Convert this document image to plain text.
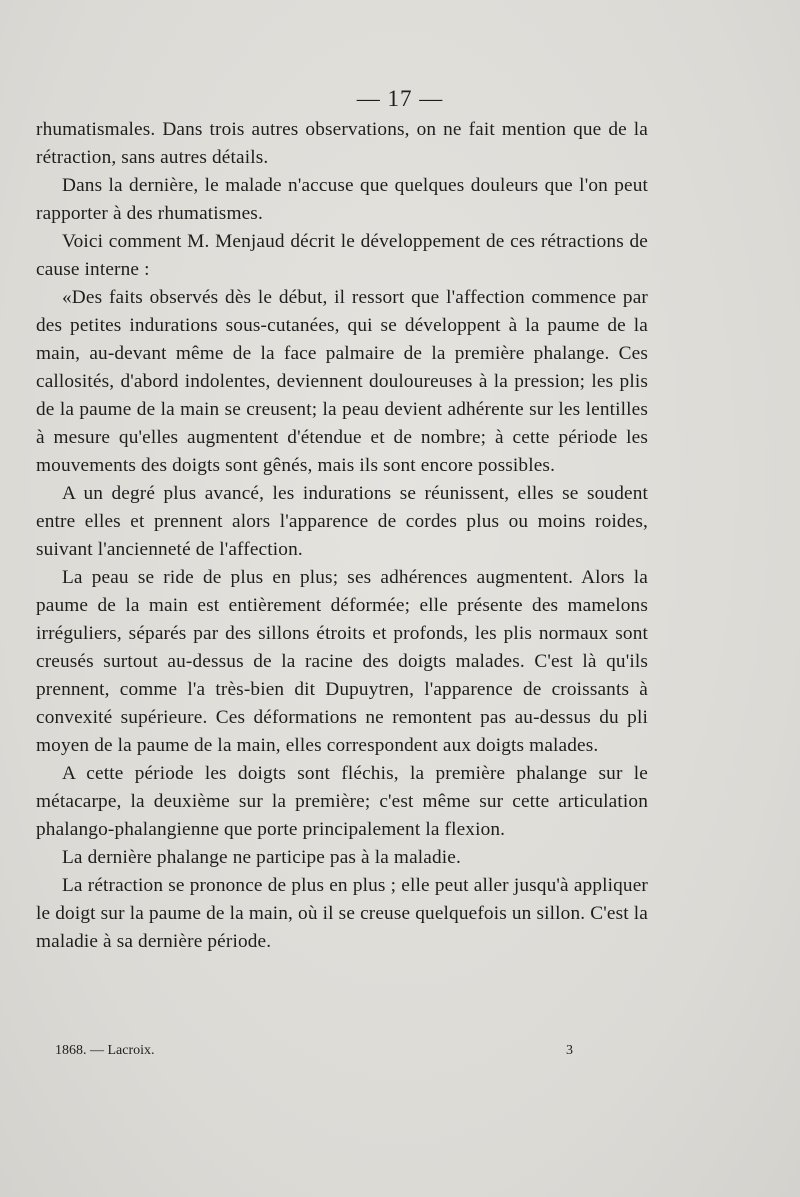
— 17 —

rhumatismales. Dans trois autres observations, on ne fait mention que de la rétraction, sans autres détails.

Dans la dernière, le malade n'accuse que quelques douleurs que l'on peut rapporter à des rhumatismes.

Voici comment M. Menjaud décrit le développement de ces rétractions de cause interne :

«Des faits observés dès le début, il ressort que l'affection commence par des petites indurations sous-cutanées, qui se développent à la paume de la main, au-devant même de la face palmaire de la première phalange. Ces callosités, d'abord indolentes, deviennent douloureuses à la pression; les plis de la paume de la main se creusent; la peau devient adhérente sur les lentilles à mesure qu'elles augmentent d'étendue et de nombre; à cette période les mouvements des doigts sont gênés, mais ils sont encore possibles.

A un degré plus avancé, les indurations se réunissent, elles se soudent entre elles et prennent alors l'apparence de cordes plus ou moins roides, suivant l'ancienneté de l'affection.

La peau se ride de plus en plus; ses adhérences augmentent. Alors la paume de la main est entièrement déformée; elle présente des mamelons irréguliers, séparés par des sillons étroits et profonds, les plis normaux sont creusés surtout au-dessus de la racine des doigts malades. C'est là qu'ils prennent, comme l'a très-bien dit Dupuytren, l'apparence de croissants à convexité supérieure. Ces déformations ne remontent pas au-dessus du pli moyen de la paume de la main, elles correspondent aux doigts malades.

A cette période les doigts sont fléchis, la première phalange sur le métacarpe, la deuxième sur la première; c'est même sur cette articulation phalango-phalangienne que porte principalement la flexion.

La dernière phalange ne participe pas à la maladie.

La rétraction se prononce de plus en plus ; elle peut aller jusqu'à appliquer le doigt sur la paume de la main, où il se creuse quelquefois un sillon. C'est la maladie à sa dernière période.

1868. — Lacroix.	3
